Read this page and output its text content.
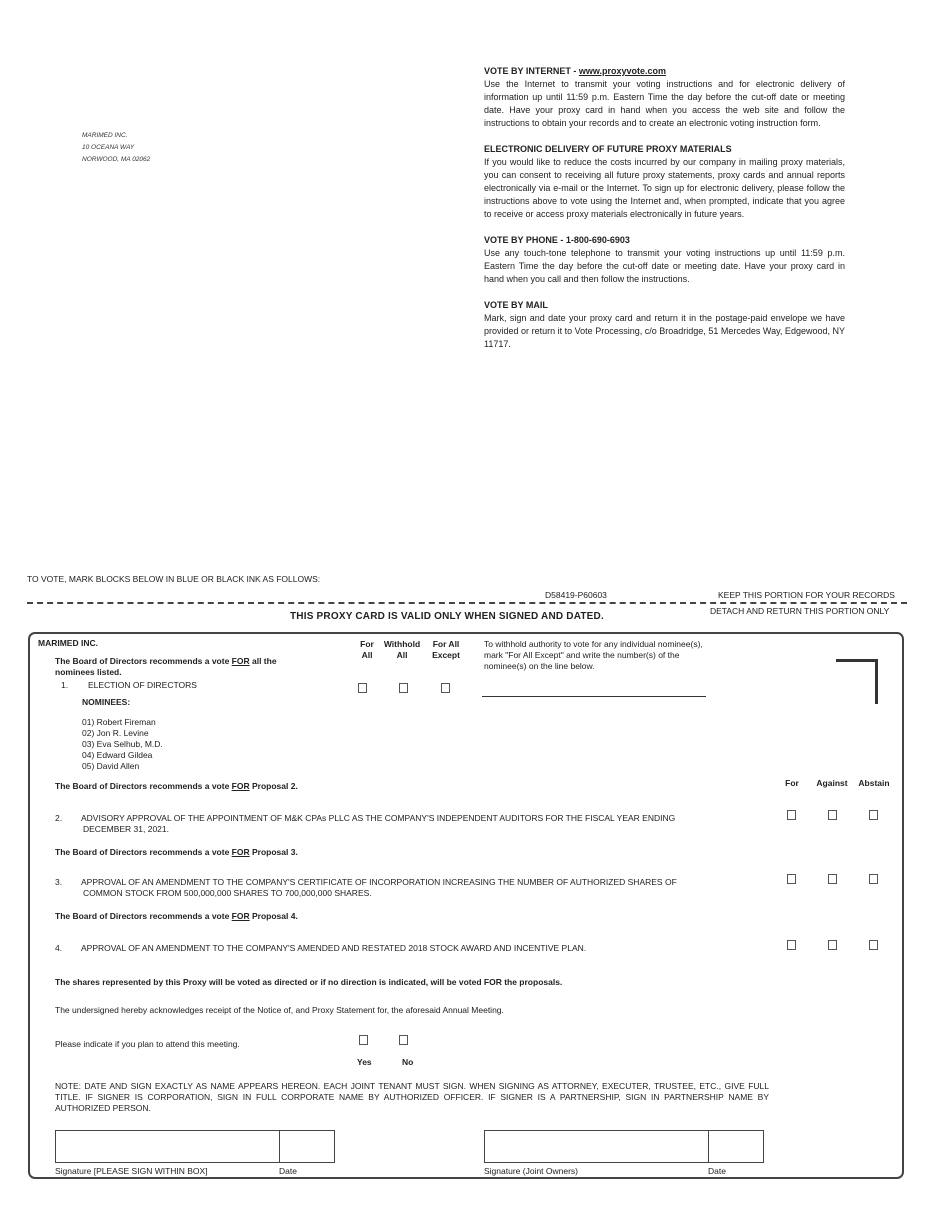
MARIMED INC.
10 OCEANA WAY
NORWOOD, MA 02062
VOTE BY INTERNET - www.proxyvote.com

Use the Internet to transmit your voting instructions and for electronic delivery of information up until 11:59 p.m. Eastern Time the day before the cut-off date or meeting date. Have your proxy card in hand when you access the web site and follow the instructions to obtain your records and to create an electronic voting instruction form.

ELECTRONIC DELIVERY OF FUTURE PROXY MATERIALS

If you would like to reduce the costs incurred by our company in mailing proxy materials, you can consent to receiving all future proxy statements, proxy cards and annual reports electronically via e-mail or the Internet. To sign up for electronic delivery, please follow the instructions above to vote using the Internet and, when prompted, indicate that you agree to receive or access proxy materials electronically in future years.

VOTE BY PHONE - 1-800-690-6903

Use any touch-tone telephone to transmit your voting instructions up until 11:59 p.m. Eastern Time the day before the cut-off date or meeting date. Have your proxy card in hand when you call and then follow the instructions.

VOTE BY MAIL

Mark, sign and date your proxy card and return it in the postage-paid envelope we have provided or return it to Vote Processing, c/o Broadridge, 51 Mercedes Way, Edgewood, NY 11717.

TO VOTE, MARK BLOCKS BELOW IN BLUE OR BLACK INK AS FOLLOWS:
D58419-P60603	KEEP THIS PORTION FOR YOUR RECORDS
DETACH AND RETURN THIS PORTION ONLY
THIS PROXY CARD IS VALID ONLY WHEN SIGNED AND DATED.
MARIMED INC.
The Board of Directors recommends a vote FOR all the
nominees listed.
For
All
Withhold
All
For All
Except
To withhold authority to vote for any individual nominee(s), mark "For All Except" and write the number(s) of the nominee(s) on the line below.
1. ELECTION OF DIRECTORS
NOMINEES:
01) Robert Fireman
02) Jon R. Levine
03) Eva Selhub, M.D.
04) Edward Gildea
05) David Allen
For	Against	Abstain
The Board of Directors recommends a vote FOR Proposal 2.
2. ADVISORY APPROVAL OF THE APPOINTMENT OF M&K CPAs PLLC AS THE COMPANY'S INDEPENDENT AUDITORS FOR THE FISCAL YEAR ENDING
DECEMBER 31, 2021.
The Board of Directors recommends a vote FOR Proposal 3.
3. APPROVAL OF AN AMENDMENT TO THE COMPANY'S CERTIFICATE OF INCORPORATION INCREASING THE NUMBER OF AUTHORIZED SHARES OF
COMMON STOCK FROM 500,000,000 SHARES TO 700,000,000 SHARES.
The Board of Directors recommends a vote FOR Proposal 4.
4. APPROVAL OF AN AMENDMENT TO THE COMPANY'S AMENDED AND RESTATED 2018 STOCK AWARD AND INCENTIVE PLAN.
The shares represented by this Proxy will be voted as directed or if no direction is indicated, will be voted FOR the proposals.
The undersigned hereby acknowledges receipt of the Notice of, and Proxy Statement for, the aforesaid Annual Meeting.
Please indicate if you plan to attend this meeting.
Yes	No
NOTE: DATE AND SIGN EXACTLY AS NAME APPEARS HEREON. EACH JOINT TENANT MUST SIGN. WHEN SIGNING AS ATTORNEY, EXECUTER, TRUSTEE, ETC., GIVE FULL TITLE. IF SIGNER IS CORPORATION, SIGN IN FULL CORPORATE NAME BY AUTHORIZED OFFICER. IF SIGNER IS A PARTNERSHIP, SIGN IN PARTNERSHIP NAME BY AUTHORIZED PERSON.
Signature [PLEASE SIGN WITHIN BOX]	Date	Signature (Joint Owners)	Date
